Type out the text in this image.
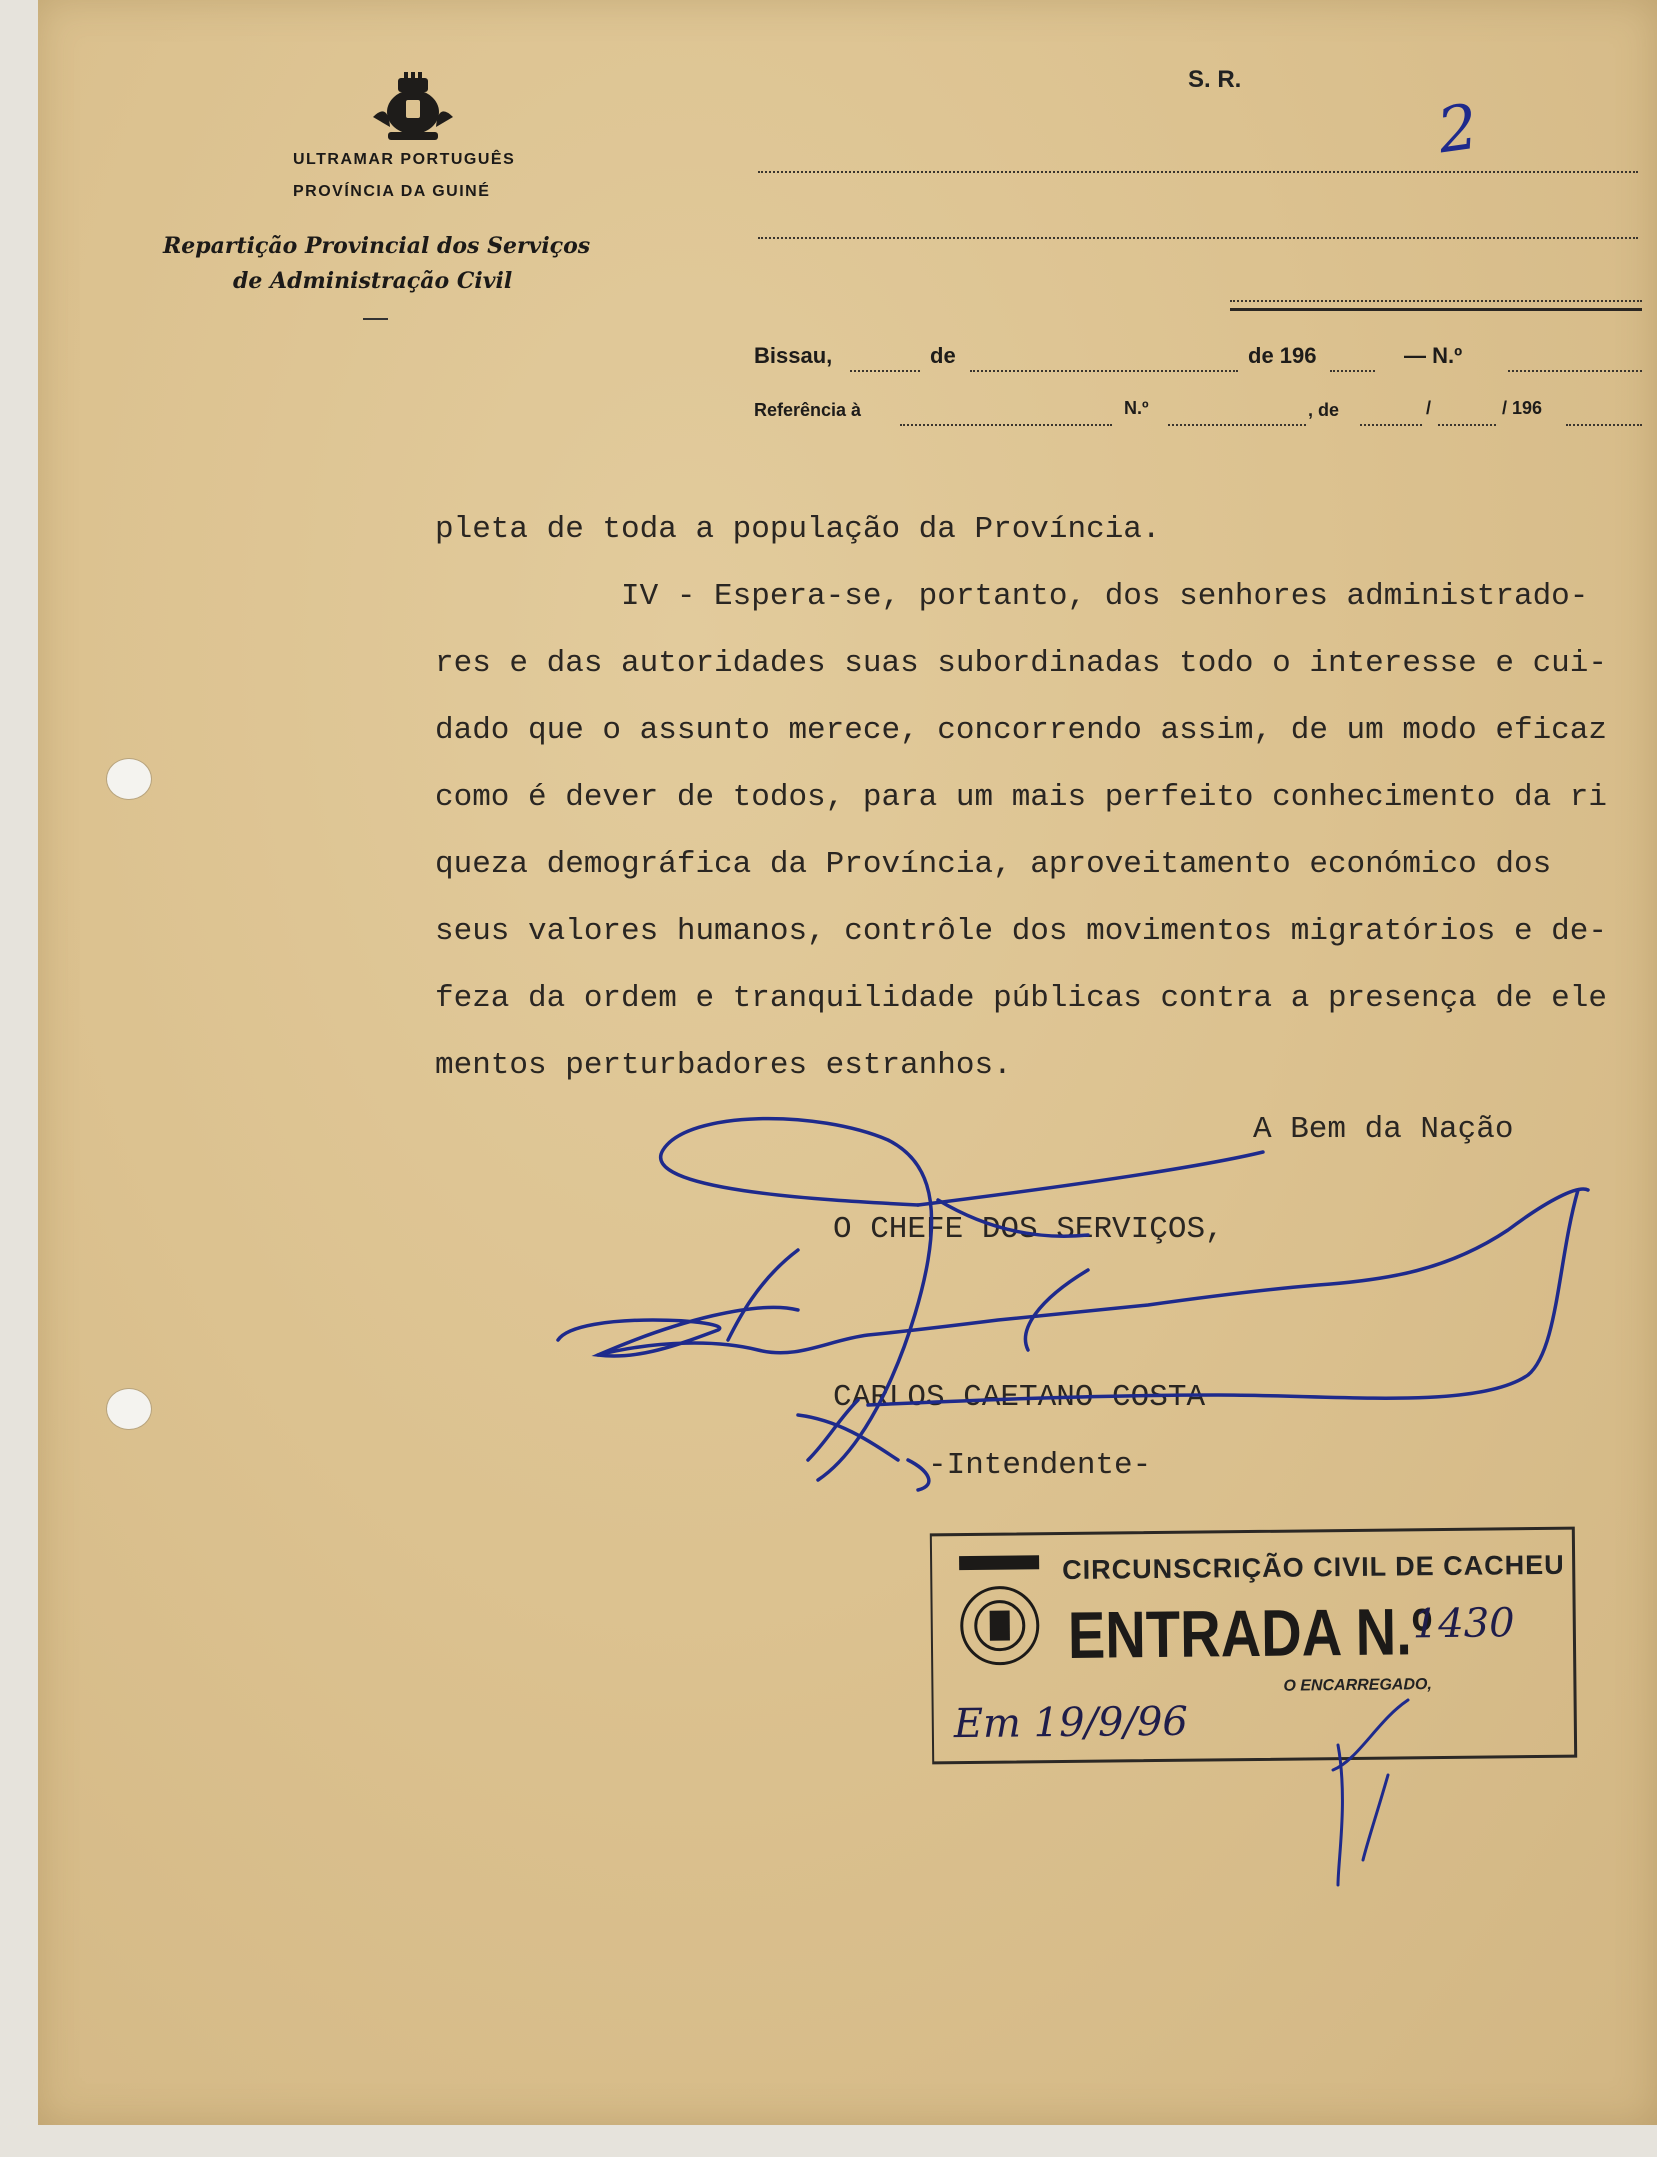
ULTRAMAR PORTUGUÊS
PROVÍNCIA DA GUINÉ
Repartição Provincial dos Serviços
de Administração Civil
S. R.
2
Bissau,	de	de 196	— N.º
Referência à	N.º	, de	/	/ 196

pleta de toda a população da Província.

IV - Espera-se, portanto, dos senhores administrado-

res e das autoridades suas subordinadas todo o interesse e cui-

dado que o assunto merece, concorrendo assim, de um modo eficaz

como é dever de todos, para um mais perfeito conhecimento da ri

queza demográfica da Província, aproveitamento económico dos

seus valores humanos, contrôle dos movimentos migratórios e de-

feza da ordem e tranquilidade públicas contra a presença de ele

mentos perturbadores estranhos.

A Bem da Nação
O CHEFE DOS SERVIÇOS,
CARLOS CAETANO COSTA
-Intendente-
CIRCUNSCRIÇÃO CIVIL DE CACHEU
ENTRADA N.º
1430
O ENCARREGADO,
Em 19/9/96
